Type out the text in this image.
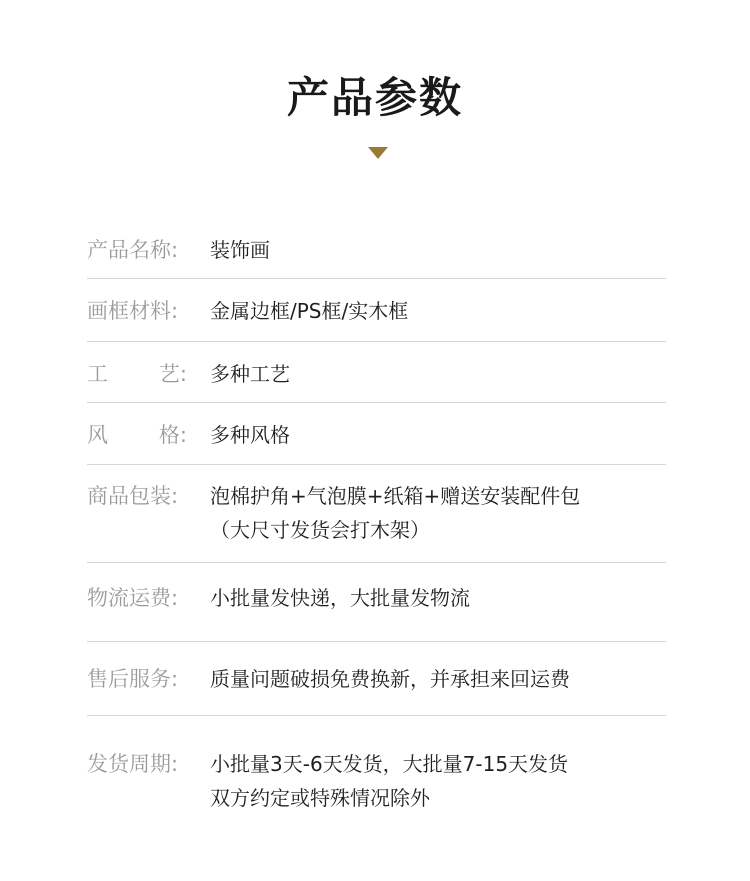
产品参数
产品名称:	装饰画
画框材料:	金属边框/PS框/实木框
工 艺: 多种工艺
风 格: 多种风格
商品包装:	泡棉护角+气泡膜+纸箱+赠送安装配件包
（大尺寸发货会打木架）
物流运费:	小批量发快递，大批量发物流
售后服务:	质量问题破损免费换新，并承担来回运费
发货周期:	小批量3天-6天发货，大批量7-15天发货
双方约定或特殊情况除外
